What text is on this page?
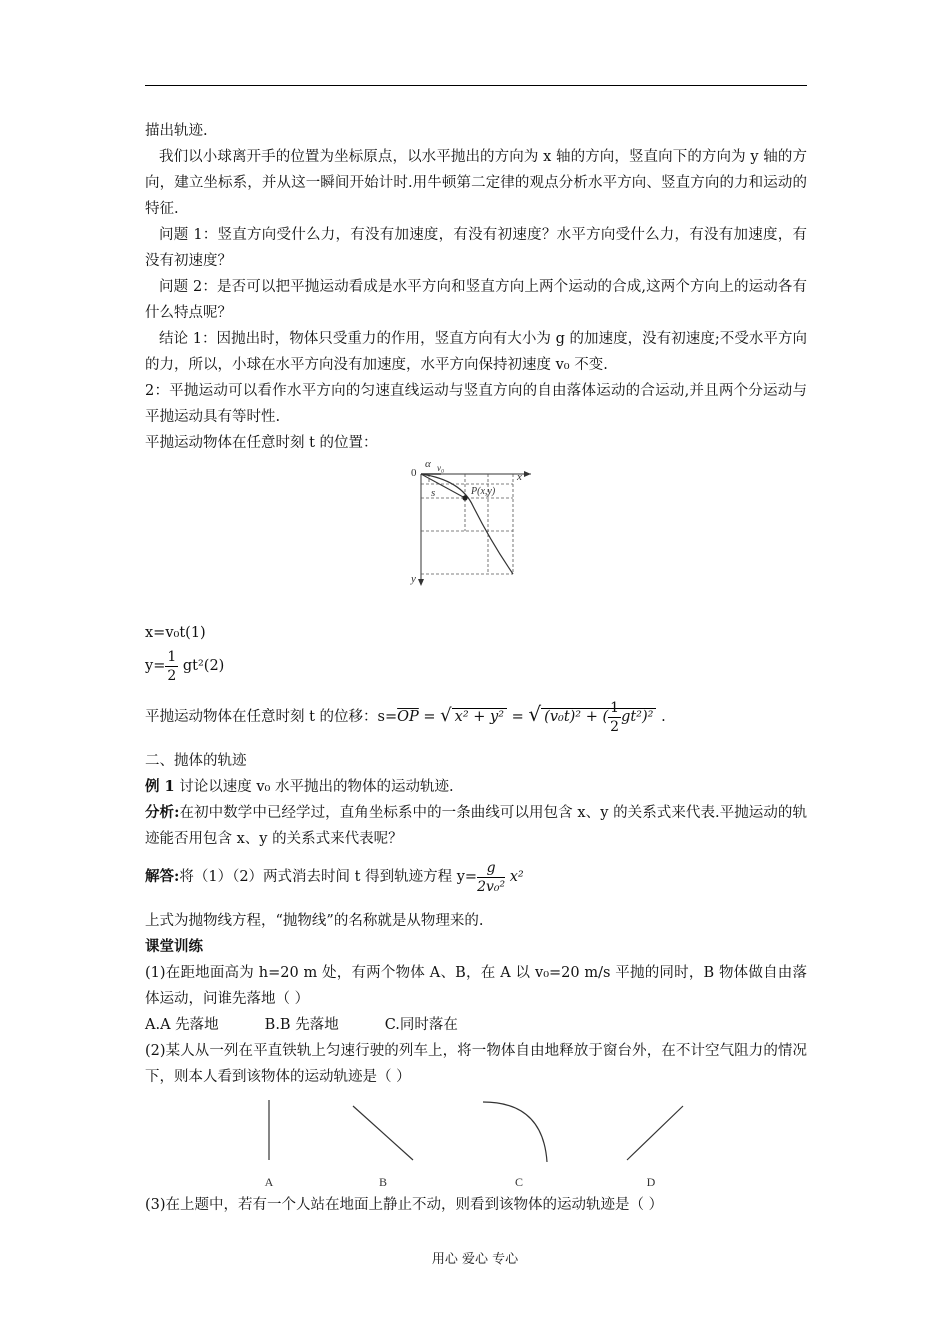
描出轨迹.

我们以小球离开手的位置为坐标原点，以水平抛出的方向为 x 轴的方向，竖直向下的方向为 y 轴的方向，建立坐标系，并从这一瞬间开始计时.用牛顿第二定律的观点分析水平方向、竖直方向的力和运动的特征.

问题 1：竖直方向受什么力，有没有加速度，有没有初速度？水平方向受什么力，有没有加速度，有没有初速度？

问题 2：是否可以把平抛运动看成是水平方向和竖直方向上两个运动的合成,这两个方向上的运动各有什么特点呢？

结论 1：因抛出时，物体只受重力的作用，竖直方向有大小为 g 的加速度，没有初速度;不受水平方向的力，所以，小球在水平方向没有加速度，水平方向保持初速度 v₀ 不变.

2：平抛运动可以看作水平方向的匀速直线运动与竖直方向的自由落体运动的合运动,并且两个分运动与平抛运动具有等时性.

平抛运动物体在任意时刻 t 的位置：

0
α v₀
x
y
s	P(x,y)

x=v₀t(1)

$y= \frac{1}{2} gt^2(2)$

平抛运动物体在任意时刻 t 的位移：$s=\overline{OP}$ = √ x² + y² = √ (v₀t)² + ( $\frac{1}{2} gt^2)^2$ .

二、抛体的轨迹

例 1 讨论以速度 v₀ 水平抛出的物体的运动轨迹.

分析:在初中数学中已经学过，直角坐标系中的一条曲线可以用包含 x、y 的关系式来代表.平抛运动的轨迹能否用包含 x、y 的关系式来代表呢？

解答:将（1）（2）两式消去时间 t 得到轨迹方程 $y= \frac{g}{\text{2v₀²}} x^2$

上式为抛物线方程，“抛物线”的名称就是从物理来的.

课堂训练

(1)在距地面高为 h=20 m 处，有两个物体 A、B，在 A 以 v₀=20 m/s 平抛的同时，B 物体做自由落体运动，问谁先落地（ ）

A.A 先落地	B.B 先落地	C.同时落在

(2)某人从一列在平直铁轨上匀速行驶的列车上，将一物体自由地释放于窗台外，在不计空气阻力的情况下，则本人看到该物体的运动轨迹是（ ）

A	B	C	D

(3)在上题中，若有一个人站在地面上静止不动，则看到该物体的运动轨迹是（ ）

用心 爱心 专心
